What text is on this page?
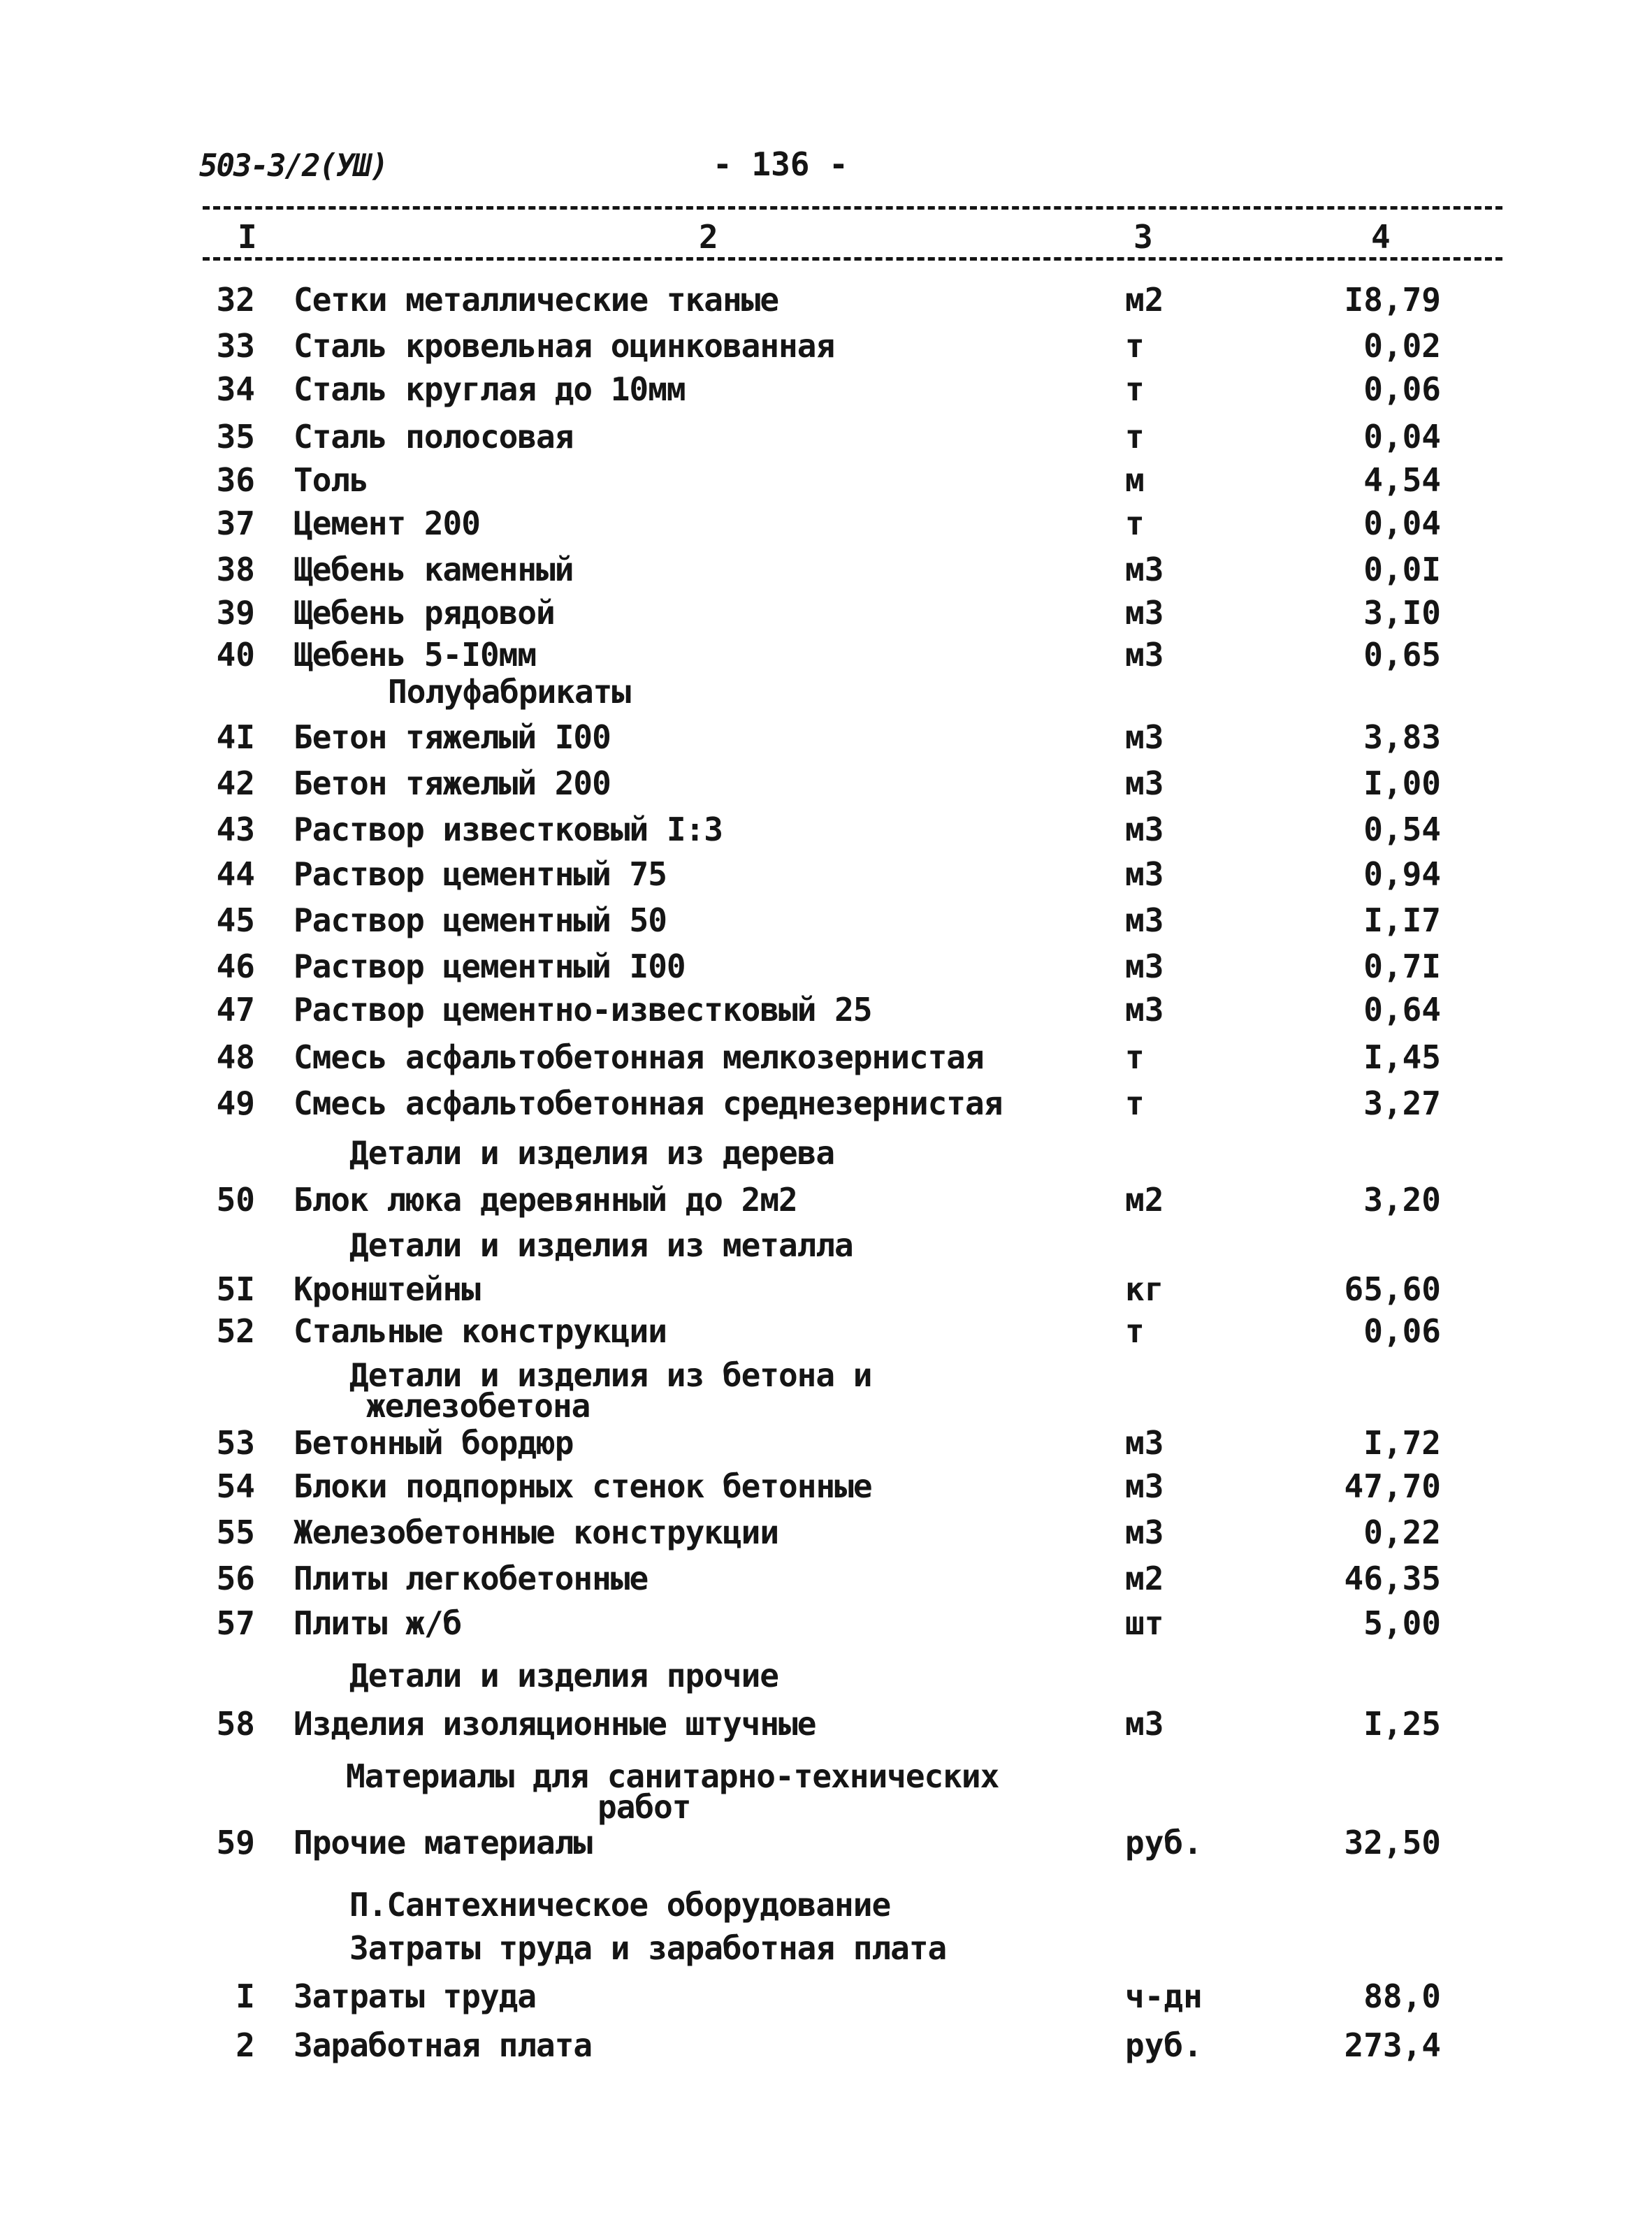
503-3/2(УШ)	- 136 -
I	2	3	4
32 Сетки металлические тканые	м2	I8,79
33 Сталь кровельная оцинкованная	т	0,02
34 Сталь круглая до 10мм	т	0,06
35 Сталь полосовая	т	0,04
36 Толь	м	4,54
37 Цемент 200	т	0,04
38 Щебень каменный	м3	0,0I
39 Щебень рядовой	м3	3,I0
40 Щебень 5-I0мм	м3	0,65
4I Бетон тяжелый I00	м3	3,83
42 Бетон тяжелый 200	м3	I,00
43 Раствор известковый I:3	м3	0,54
44 Раствор цементный 75	м3	0,94
45 Раствор цементный 50	м3	I,I7
46 Раствор цементный I00	м3	0,7I
47 Раствор цементно-известковый 25	м3	0,64
48 Смесь асфальтобетонная мелкозернистая	т	I,45
49 Смесь асфальтобетонная среднезернистая	т	3,27
50 Блок люка деревянный до 2м2	м2	3,20
5I Кронштейны	кг	65,60
52 Стальные конструкции	т	0,06
53 Бетонный бордюр	м3	I,72
54 Блоки подпорных стенок бетонные	м3	47,70
55 Железобетонные конструкции	м3	0,22
56 Плиты легкобетонные	м2	46,35
57 Плиты ж/б	шт	5,00
58 Изделия изоляционные штучные	м3	I,25
59 Прочие материалы	руб.	32,50
I Затраты труда	ч-дн	88,0
2 Заработная плата	руб.	273,4
Полуфабрикаты
Детали и изделия из дерева
Детали и изделия из металла
Детали и изделия из бетона и
железобетона
Детали и изделия прочие
Материалы для санитарно-технических
работ
П.Сантехническое оборудование
Затраты труда и заработная плата
